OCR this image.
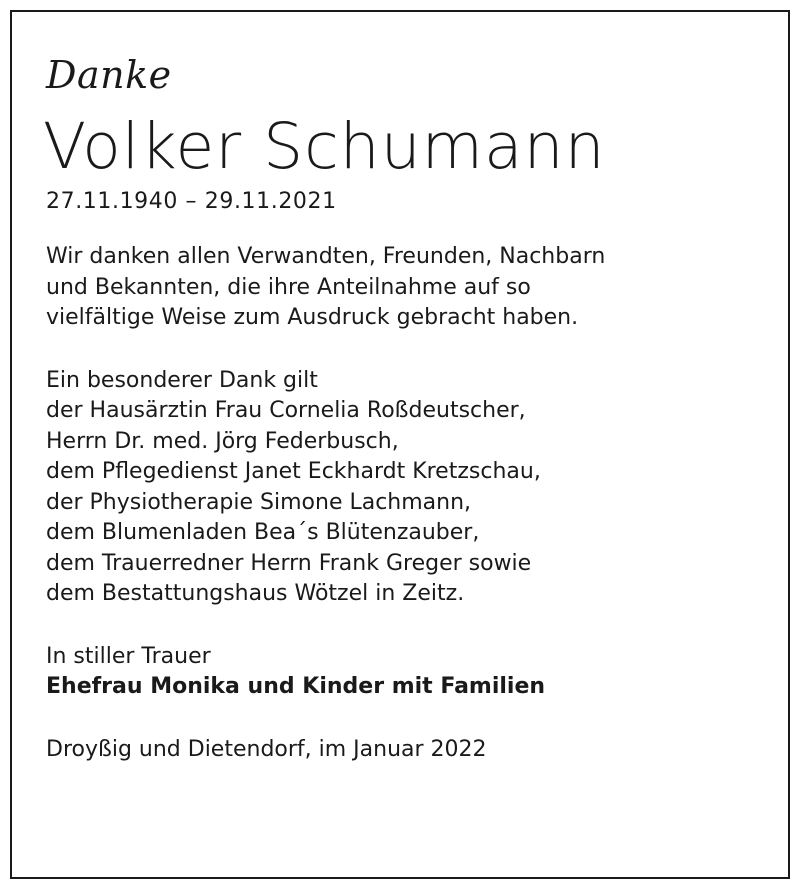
Danke
Volker Schumann
27.11.1940 – 29.11.2021
Wir danken allen Verwandten, Freunden, Nachbarn
und Bekannten, die ihre Anteilnahme auf so
vielfältige Weise zum Ausdruck gebracht haben.
Ein besonderer Dank gilt
der Hausärztin Frau Cornelia Roßdeutscher,
Herrn Dr. med. Jörg Federbusch,
dem Pflegedienst Janet Eckhardt Kretzschau,
der Physiotherapie Simone Lachmann,
dem Blumenladen Bea´s Blütenzauber,
dem Trauerredner Herrn Frank Greger sowie
dem Bestattungshaus Wötzel in Zeitz.
In stiller Trauer
Ehefrau Monika und Kinder mit Familien
Droyßig und Dietendorf, im Januar 2022
